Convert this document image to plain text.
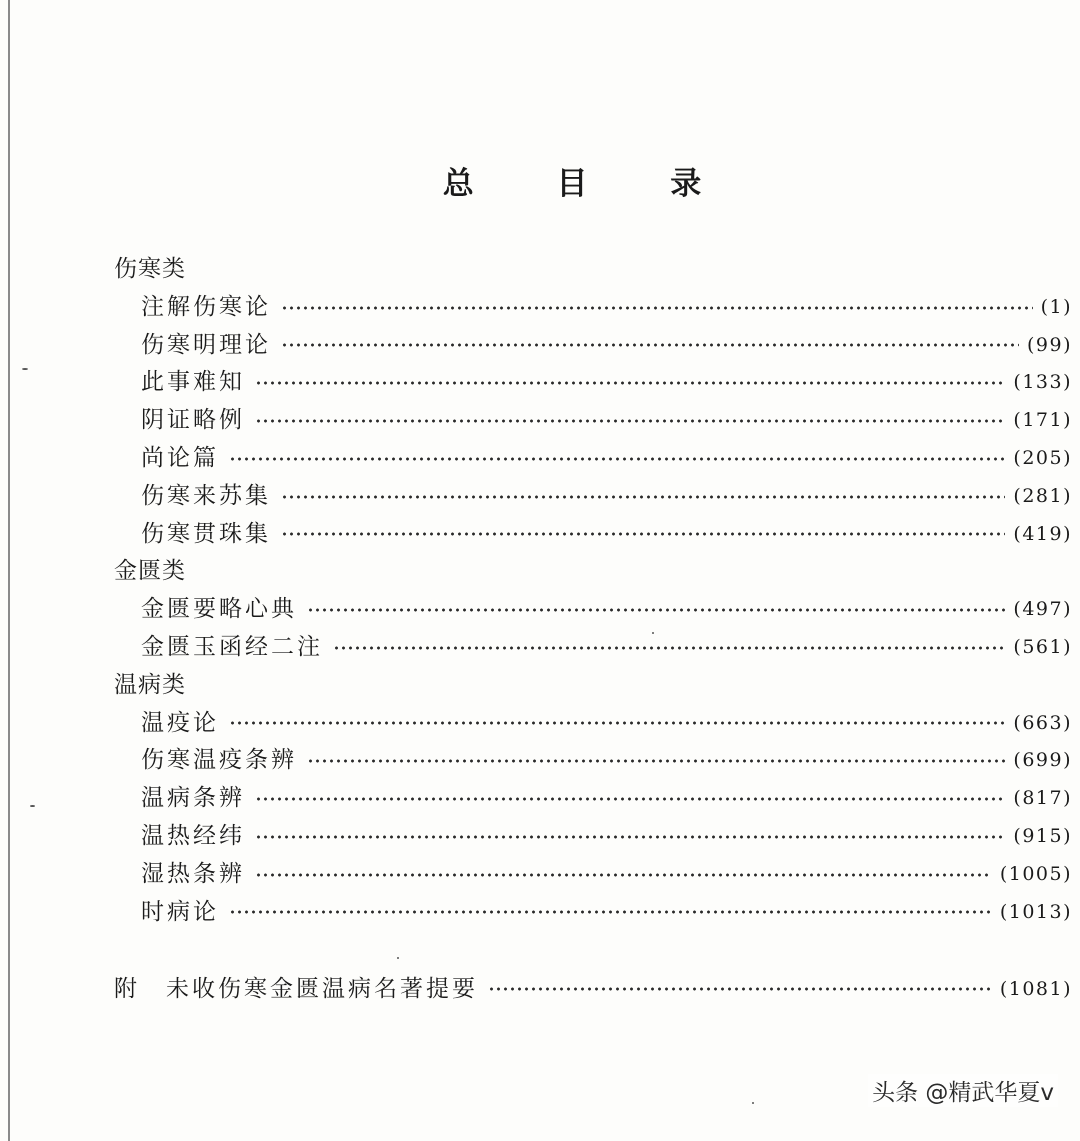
总 目 录
伤寒类
注解伤寒论	(1)
伤寒明理论	(99)
此事难知	(133)
阴证略例	(171)
尚论篇	(205)
伤寒来苏集	(281)
伤寒贯珠集	(419)
金匮类
金匮要略心典	(497)
金匮玉函经二注	(561)
温病类
温疫论	(663)
伤寒温疫条辨	(699)
温病条辨	(817)
温热经纬	(915)
湿热条辨	(1005)
时病论	(1013)
附	未收伤寒金匮温病名著提要	(1081)
头条 @精武华夏v
